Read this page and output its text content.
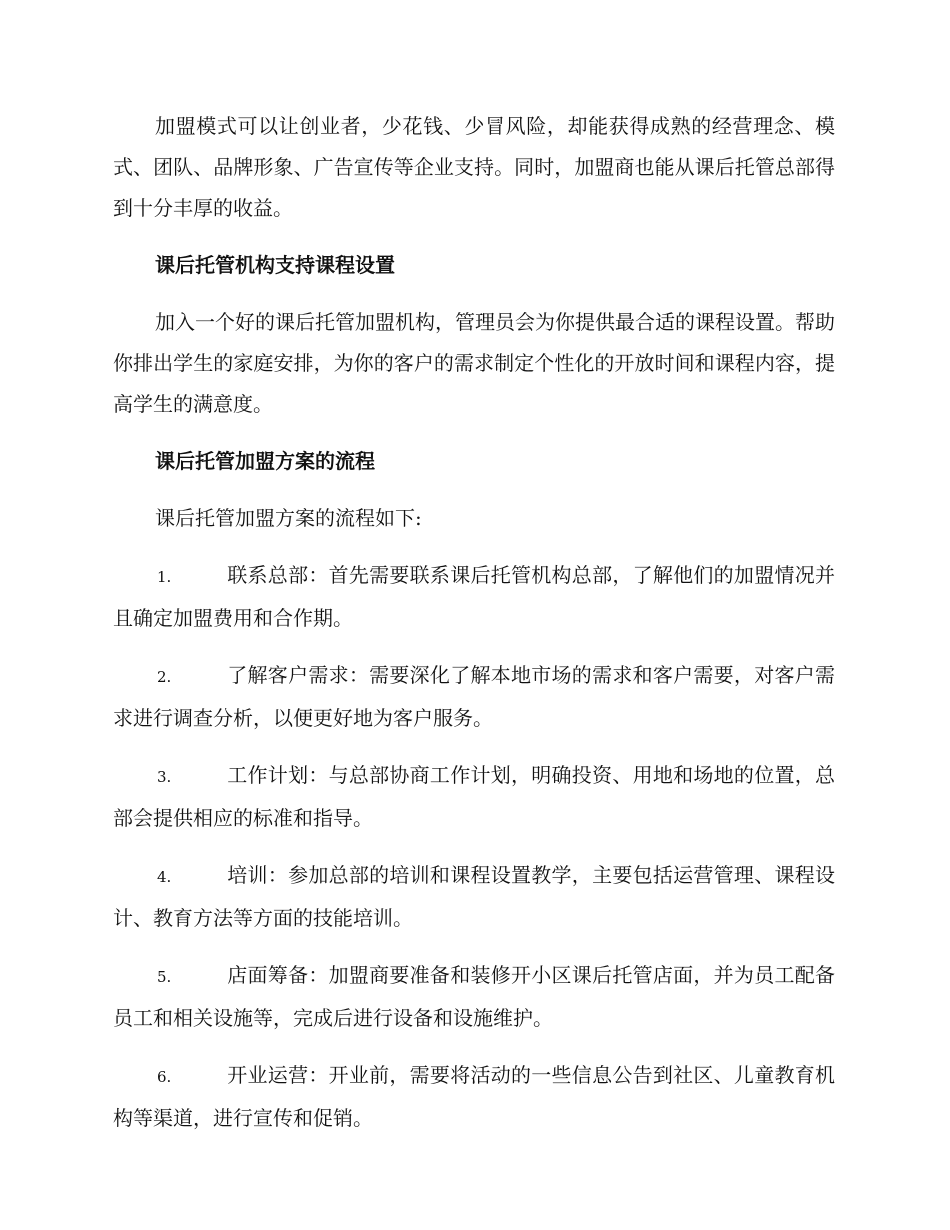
加盟模式可以让创业者，少花钱、少冒风险，却能获得成熟的经营理念、模式、团队、品牌形象、广告宣传等企业支持。同时，加盟商也能从课后托管总部得到十分丰厚的收益。

课后托管机构支持课程设置

加入一个好的课后托管加盟机构，管理员会为你提供最合适的课程设置。帮助你排出学生的家庭安排，为你的客户的需求制定个性化的开放时间和课程内容，提高学生的满意度。

课后托管加盟方案的流程

课后托管加盟方案的流程如下:

1.	联系总部：首先需要联系课后托管机构总部，了解他们的加盟情况并且确定加盟费用和合作期。
2.	了解客户需求：需要深化了解本地市场的需求和客户需要，对客户需求进行调查分析，以便更好地为客户服务。
3.	工作计划：与总部协商工作计划，明确投资、用地和场地的位置，总部会提供相应的标准和指导。
4.	培训：参加总部的培训和课程设置教学，主要包括运营管理、课程设计、教育方法等方面的技能培训。
5.	店面筹备：加盟商要准备和装修开小区课后托管店面，并为员工配备员工和相关设施等，完成后进行设备和设施维护。
6.	开业运营：开业前，需要将活动的一些信息公告到社区、儿童教育机构等渠道，进行宣传和促销。
